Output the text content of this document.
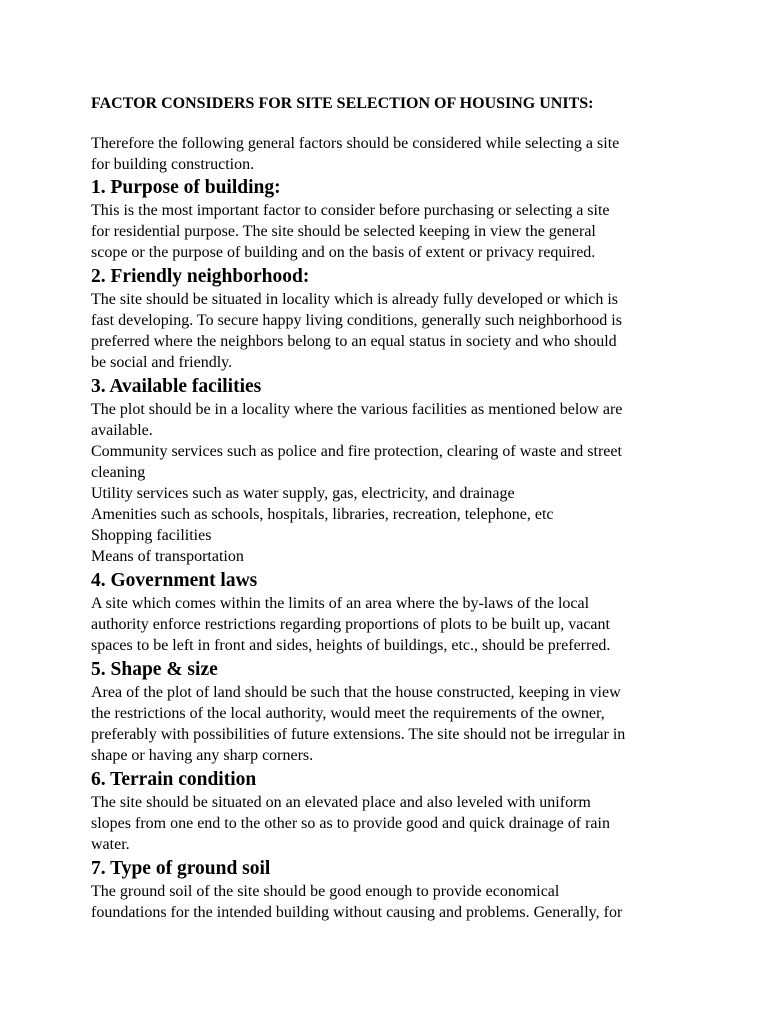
FACTOR CONSIDERS FOR SITE SELECTION OF HOUSING UNITS:

Therefore the following general factors should be considered while selecting a site
for building construction.

1. Purpose of building:

This is the most important factor to consider before purchasing or selecting a site
for residential purpose. The site should be selected keeping in view the general
scope or the purpose of building and on the basis of extent or privacy required.

2. Friendly neighborhood:

The site should be situated in locality which is already fully developed or which is
fast developing. To secure happy living conditions, generally such neighborhood is
preferred where the neighbors belong to an equal status in society and who should
be social and friendly.

3. Available facilities

The plot should be in a locality where the various facilities as mentioned below are
available.
Community services such as police and fire protection, clearing of waste and street
cleaning
Utility services such as water supply, gas, electricity, and drainage
Amenities such as schools, hospitals, libraries, recreation, telephone, etc
Shopping facilities
Means of transportation

4. Government laws

A site which comes within the limits of an area where the by-laws of the local
authority enforce restrictions regarding proportions of plots to be built up, vacant
spaces to be left in front and sides, heights of buildings, etc., should be preferred.

5. Shape & size

Area of the plot of land should be such that the house constructed, keeping in view
the restrictions of the local authority, would meet the requirements of the owner,
preferably with possibilities of future extensions. The site should not be irregular in
shape or having any sharp corners.

6. Terrain condition

The site should be situated on an elevated place and also leveled with uniform
slopes from one end to the other so as to provide good and quick drainage of rain
water.

7. Type of ground soil

The ground soil of the site should be good enough to provide economical
foundations for the intended building without causing and problems. Generally, for
